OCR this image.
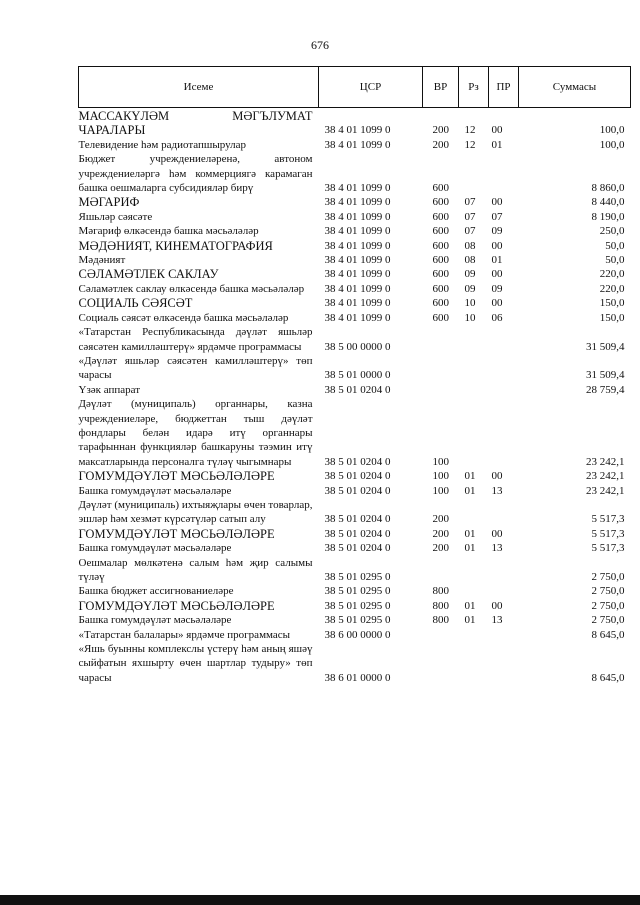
676
Исеме	ЦСР	ВР	Рз	ПР	Суммасы
МАССАКҮЛӘМ МӘГЪЛУМАТ ЧАРАЛАРЫ	38 4 01 1099 0	200	12	00	100,0
Телевидение һәм радиотапшырулар	38 4 01 1099 0	200	12	01	100,0
Бюджет учреждениеләренә, автоном учреждениеләргә һәм коммерциягә карамаган башка оешмаларга субсидияләр бирү	38 4 01 1099 0	600			8 860,0
МӘГАРИФ	38 4 01 1099 0	600	07	00	8 440,0
Яшьләр сәясәте	38 4 01 1099 0	600	07	07	8 190,0
Мәгариф өлкәсендә башка мәсьәләләр	38 4 01 1099 0	600	07	09	250,0
МӘДӘНИЯТ, КИНЕМАТОГРАФИЯ	38 4 01 1099 0	600	08	00	50,0
Мәдәният	38 4 01 1099 0	600	08	01	50,0
СӘЛАМӘТЛЕК САКЛАУ	38 4 01 1099 0	600	09	00	220,0
Сәламәтлек саклау өлкәсендә башка мәсьәләләр	38 4 01 1099 0	600	09	09	220,0
СОЦИАЛЬ СӘЯСӘТ	38 4 01 1099 0	600	10	00	150,0
Социаль сәясәт өлкәсендә башка мәсьәләләр	38 4 01 1099 0	600	10	06	150,0
«Татарстан Республикасында дәүләт яшьләр сәясәтен камилләштерү» ярдәмче программасы	38 5 00 0000 0				31 509,4
«Дәүләт яшьләр сәясәтен камилләштерү» төп чарасы	38 5 01 0000 0				31 509,4
Үзәк аппарат	38 5 01 0204 0				28 759,4
Дәүләт (муниципаль) органнары, казна учреждениеләре, бюджеттан тыш дәүләт фондлары белән идарә итү органнары тарафыннан функцияләр башкаруны тәэмин итү максатларында персоналга түләү чыгымнары	38 5 01 0204 0	100			23 242,1
ГОМУМДӘҮЛӘТ МӘСЬӘЛӘЛӘРЕ	38 5 01 0204 0	100	01	00	23 242,1
Башка гомумдәүләт мәсьәләләре	38 5 01 0204 0	100	01	13	23 242,1
Дәүләт (муниципаль) ихтыяҗлары өчен товарлар, эшләр һәм хезмәт күрсәтүләр сатып алу	38 5 01 0204 0	200			5 517,3
ГОМУМДӘҮЛӘТ МӘСЬӘЛӘЛӘРЕ	38 5 01 0204 0	200	01	00	5 517,3
Башка гомумдәүләт мәсьәләләре	38 5 01 0204 0	200	01	13	5 517,3
Оешмалар мөлкәтенә салым һәм җир салымы түләү	38 5 01 0295 0				2 750,0
Башка бюджет ассигнованиеләре	38 5 01 0295 0	800			2 750,0
ГОМУМДӘҮЛӘТ МӘСЬӘЛӘЛӘРЕ	38 5 01 0295 0	800	01	00	2 750,0
Башка гомумдәүләт мәсьәләләре	38 5 01 0295 0	800	01	13	2 750,0
«Татарстан балалары» ярдәмче программасы	38 6 00 0000 0				8 645,0
«Яшь буынны комплекслы үстерү һәм аның яшәү сыйфатын яхшырту өчен шартлар тудыру» төп чарасы	38 6 01 0000 0				8 645,0
